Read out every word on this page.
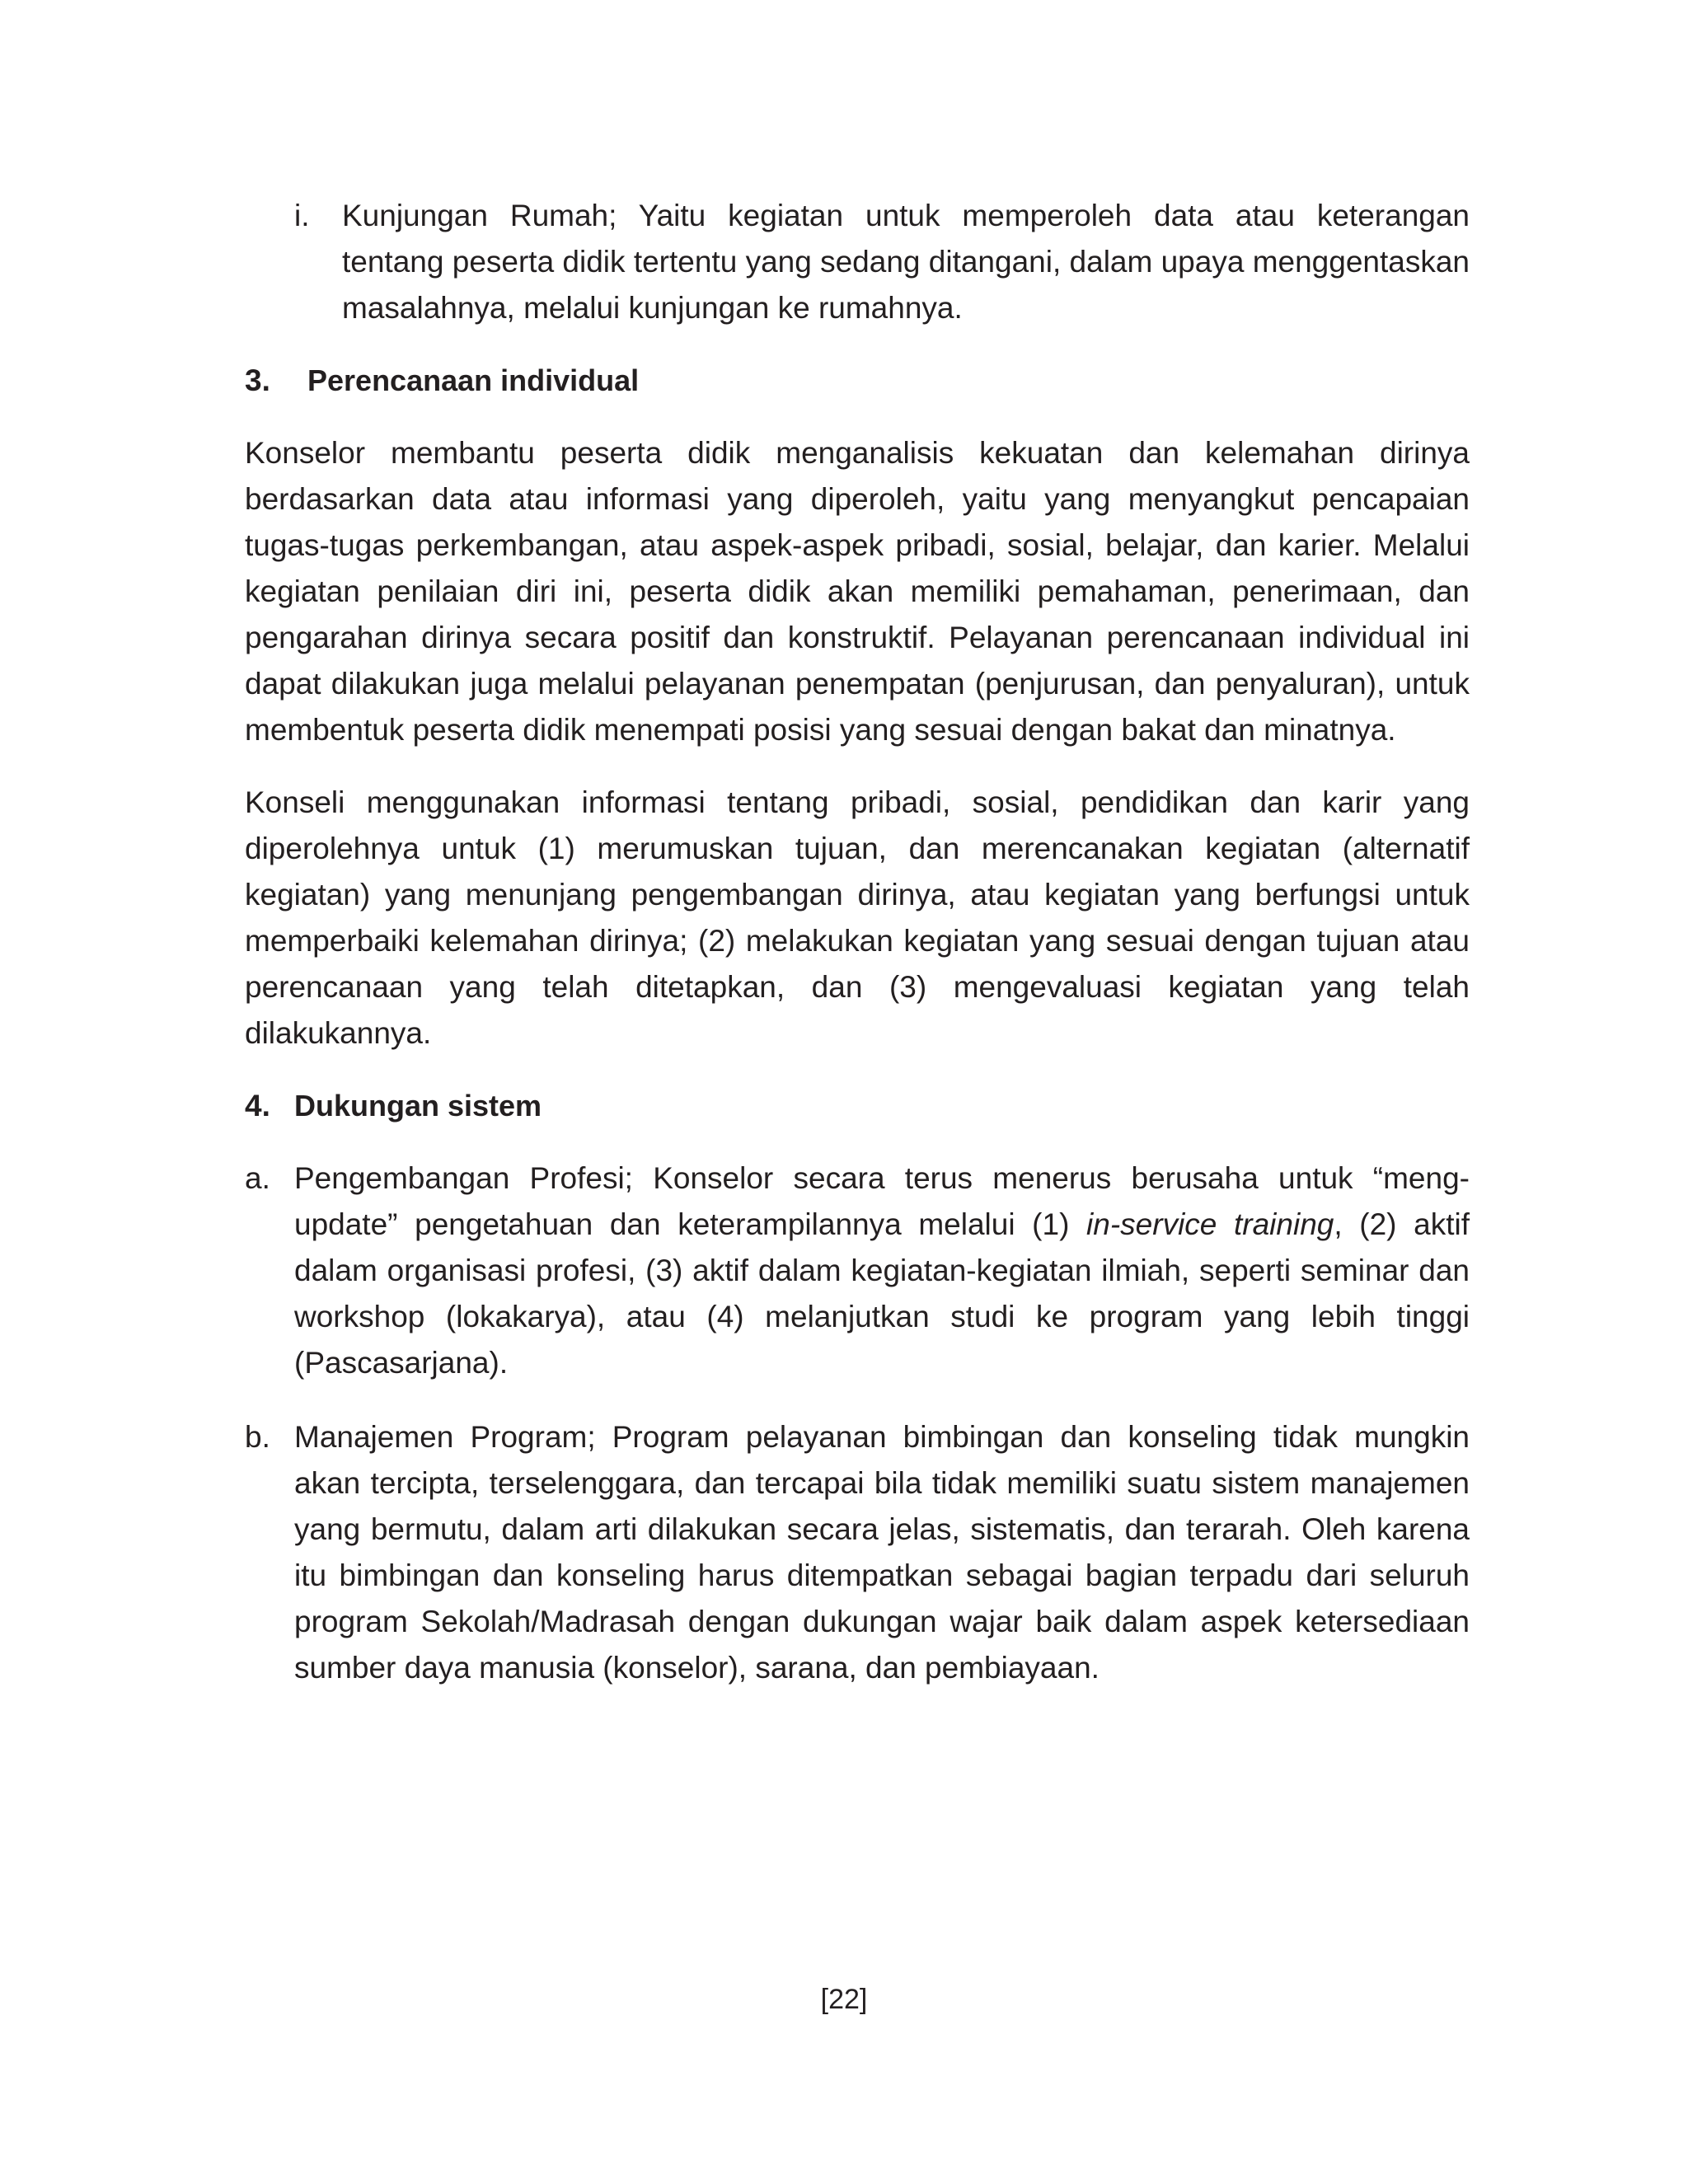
i.	Kunjungan Rumah; Yaitu kegiatan untuk memperoleh data atau keterangan tentang peserta didik tertentu yang sedang ditangani, dalam upaya menggentaskan masalahnya, melalui kunjungan ke rumahnya.

3.	Perencanaan individual

Konselor membantu peserta didik menganalisis kekuatan dan kelemahan dirinya berdasarkan data atau informasi yang diperoleh, yaitu yang menyangkut pencapaian tugas-tugas perkembangan, atau aspek-aspek pribadi, sosial, belajar, dan karier. Melalui kegiatan penilaian diri ini, peserta didik akan memiliki pemahaman, penerimaan, dan pengarahan dirinya secara positif dan konstruktif. Pelayanan perencanaan individual ini dapat dilakukan juga melalui pelayanan penempatan (penjurusan, dan penyaluran), untuk membentuk peserta didik menempati posisi yang sesuai dengan bakat dan minatnya.

Konseli menggunakan informasi tentang pribadi, sosial, pendidikan dan karir yang diperolehnya untuk (1) merumuskan tujuan, dan merencanakan kegiatan (alternatif kegiatan) yang menunjang pengembangan dirinya, atau kegiatan yang berfungsi untuk memperbaiki kelemahan dirinya; (2) melakukan kegiatan yang sesuai dengan tujuan atau perencanaan yang telah ditetapkan, dan (3) mengevaluasi kegiatan yang telah dilakukannya.

4. Dukungan sistem
a. Pengembangan Profesi; Konselor secara terus menerus berusaha untuk “meng-update” pengetahuan dan keterampilannya melalui (1) in-service training, (2) aktif dalam organisasi profesi, (3) aktif dalam kegiatan-kegiatan ilmiah, seperti seminar dan workshop (lokakarya), atau (4) melanjutkan studi ke program yang lebih tinggi (Pascasarjana).

b. Manajemen Program; Program pelayanan bimbingan dan konseling tidak mungkin akan tercipta, terselenggara, dan tercapai bila tidak memiliki suatu sistem manajemen yang bermutu, dalam arti dilakukan secara jelas, sistematis, dan terarah. Oleh karena itu bimbingan dan konseling harus ditempatkan sebagai bagian terpadu dari seluruh program Sekolah/Madrasah dengan dukungan wajar baik dalam aspek ketersediaan sumber daya manusia (konselor), sarana, dan pembiayaan.

[22]
